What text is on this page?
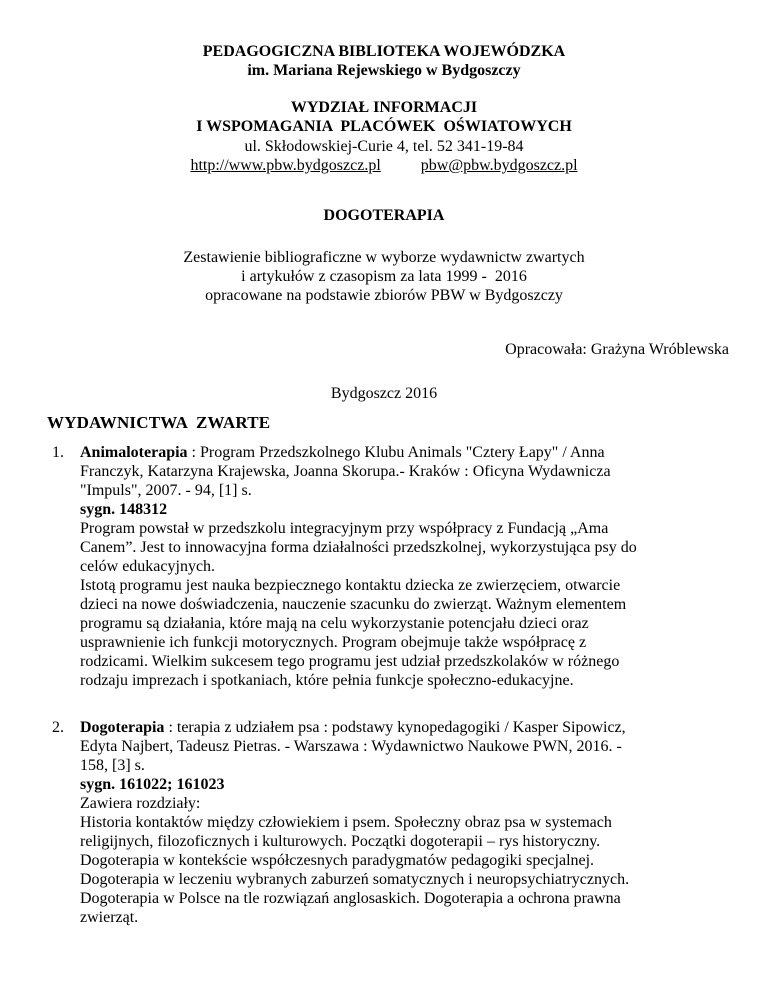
PEDAGOGICZNA BIBLIOTEKA WOJEWÓDZKA
im. Mariana Rejewskiego w Bydgoszczy
WYDZIAŁ INFORMACJI
I WSPOMAGANIA  PLACÓWEK  OŚWIATOWYCH
ul. Skłodowskiej-Curie 4, tel. 52 341-19-84
http://www.pbw.bydgoszcz.pl	pbw@pbw.bydgoszcz.pl
DOGOTERAPIA
Zestawienie bibliograficzne w wyborze wydawnictw zwartych
i artykułów z czasopism za lata 1999 -  2016
opracowane na podstawie zbiorów PBW w Bydgoszczy
Opracowała: Grażyna Wróblewska
Bydgoszcz 2016
WYDAWNICTWA  ZWARTE
1. Animaloterapia : Program Przedszkolnego Klubu Animals "Cztery Łapy" / Anna
Franczyk, Katarzyna Krajewska, Joanna Skorupa.- Kraków : Oficyna Wydawnicza
"Impuls", 2007. - 94, [1] s.
sygn. 148312
Program powstał w przedszkolu integracyjnym przy współpracy z Fundacją „Ama
Canem”. Jest to innowacyjna forma działalności przedszkolnej, wykorzystująca psy do
celów edukacyjnych.
Istotą programu jest nauka bezpiecznego kontaktu dziecka ze zwierzęciem, otwarcie
dzieci na nowe doświadczenia, nauczenie szacunku do zwierząt. Ważnym elementem
programu są działania, które mają na celu wykorzystanie potencjału dzieci oraz
usprawnienie ich funkcji motorycznych. Program obejmuje także współpracę z
rodzicami. Wielkim sukcesem tego programu jest udział przedszkolaków w różnego
rodzaju imprezach i spotkaniach, które pełnia funkcje społeczno-edukacyjne.
2. Dogoterapia : terapia z udziałem psa : podstawy kynopedagogiki / Kasper Sipowicz,
Edyta Najbert, Tadeusz Pietras. - Warszawa : Wydawnictwo Naukowe PWN, 2016. -
158, [3] s.
sygn. 161022; 161023
Zawiera rozdziały:
Historia kontaktów między człowiekiem i psem. Społeczny obraz psa w systemach
religijnych, filozoficznych i kulturowych. Początki dogoterapii – rys historyczny.
Dogoterapia w kontekście współczesnych paradygmatów pedagogiki specjalnej.
Dogoterapia w leczeniu wybranych zaburzeń somatycznych i neuropsychiatrycznych.
Dogoterapia w Polsce na tle rozwiązań anglosaskich. Dogoterapia a ochrona prawna
zwierząt.
